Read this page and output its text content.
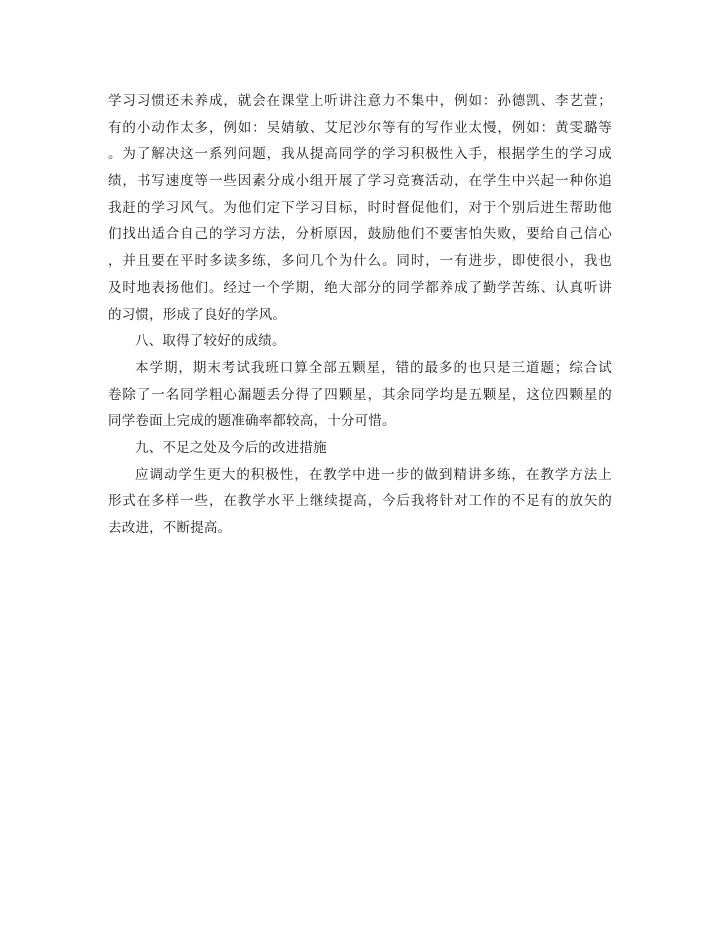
学习习惯还未养成，就会在课堂上听讲注意力不集中，例如：孙德凯、李艺萱；
有的小动作太多，例如：吴婧敏、艾尼沙尔等有的写作业太慢，例如：黄雯璐等
。为了解决这一系列问题，我从提高同学的学习积极性入手，根据学生的学习成
绩，书写速度等一些因素分成小组开展了学习竞赛活动，在学生中兴起一种你追
我赶的学习风气。为他们定下学习目标，时时督促他们，对于个别后进生帮助他
们找出适合自己的学习方法，分析原因，鼓励他们不要害怕失败，要给自己信心
，并且要在平时多读多练，多问几个为什么。同时，一有进步，即使很小，我也
及时地表扬他们。经过一个学期，绝大部分的同学都养成了勤学苦练、认真听讲
的习惯，形成了良好的学风。
八、取得了较好的成绩。
本学期，期末考试我班口算全部五颗星，错的最多的也只是三道题；综合试
卷除了一名同学粗心漏题丢分得了四颗星，其余同学均是五颗星，这位四颗星的
同学卷面上完成的题准确率都较高，十分可惜。
九、不足之处及今后的改进措施
应调动学生更大的积极性，在教学中进一步的做到精讲多练，在教学方法上
形式在多样一些，在教学水平上继续提高，今后我将针对工作的不足有的放矢的
去改进，不断提高。
